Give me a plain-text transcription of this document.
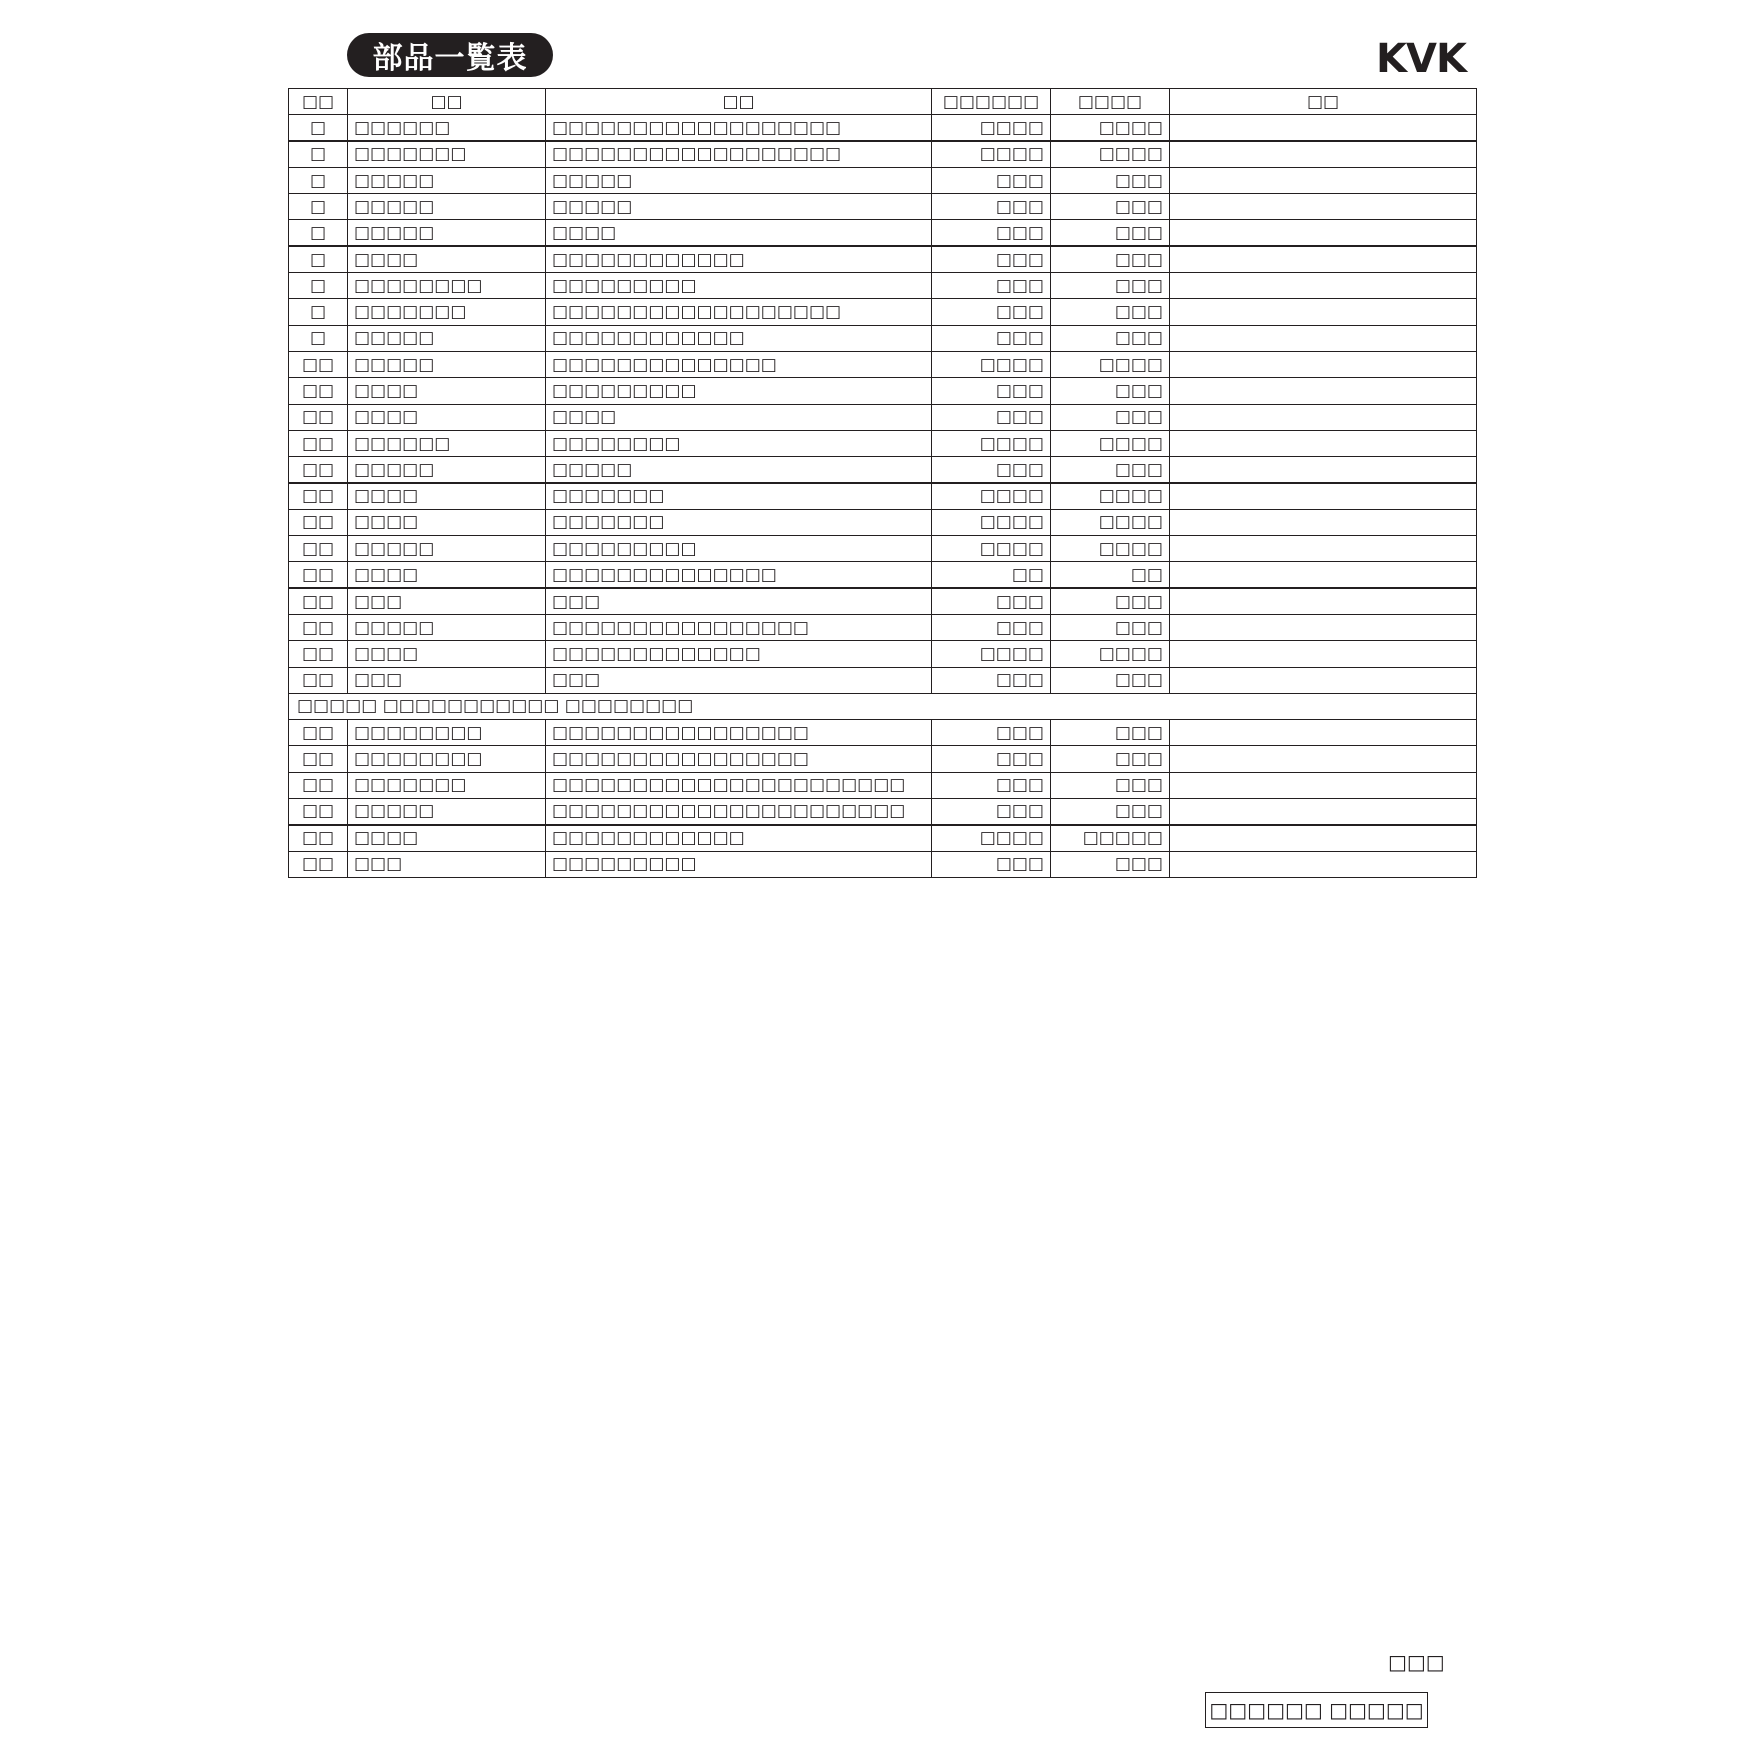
部品一覧表	KVK
□□	□□	□□	□□□□□□	□□□□	□□
□	□□□□□□	□□□□□□□□□□□□□□□□□□	□□□□	□□□□	
□	□□□□□□□	□□□□□□□□□□□□□□□□□□	□□□□	□□□□	
□	□□□□□	□□□□□	□□□	□□□	
□	□□□□□	□□□□□	□□□	□□□	
□	□□□□□	□□□□	□□□	□□□	
□	□□□□	□□□□□□□□□□□□	□□□	□□□	
□	□□□□□□□□	□□□□□□□□□	□□□	□□□	
□	□□□□□□□	□□□□□□□□□□□□□□□□□□	□□□	□□□	
□	□□□□□	□□□□□□□□□□□□	□□□	□□□	
□□	□□□□□	□□□□□□□□□□□□□□	□□□□	□□□□	
□□	□□□□	□□□□□□□□□	□□□	□□□	
□□	□□□□	□□□□	□□□	□□□	
□□	□□□□□□	□□□□□□□□	□□□□	□□□□	
□□	□□□□□	□□□□□	□□□	□□□	
□□	□□□□	□□□□□□□	□□□□	□□□□	
□□	□□□□	□□□□□□□	□□□□	□□□□	
□□	□□□□□	□□□□□□□□□	□□□□	□□□□	
□□	□□□□	□□□□□□□□□□□□□□	□□	□□	
□□	□□□	□□□	□□□	□□□	
□□	□□□□□	□□□□□□□□□□□□□□□□	□□□	□□□	
□□	□□□□	□□□□□□□□□□□□□	□□□□	□□□□	
□□	□□□	□□□	□□□	□□□	
□□□□□ □□□□□□□□□□□ □□□□□□□□					
□□	□□□□□□□□	□□□□□□□□□□□□□□□□	□□□	□□□	
□□	□□□□□□□□	□□□□□□□□□□□□□□□□	□□□	□□□	
□□	□□□□□□□	□□□□□□□□□□□□□□□□□□□□□□	□□□	□□□	
□□	□□□□□	□□□□□□□□□□□□□□□□□□□□□□	□□□	□□□	
□□	□□□□	□□□□□□□□□□□□	□□□□	□□□□□	
□□	□□□	□□□□□□□□□	□□□	□□□	
□□□
□□□□□□ □□□□□
